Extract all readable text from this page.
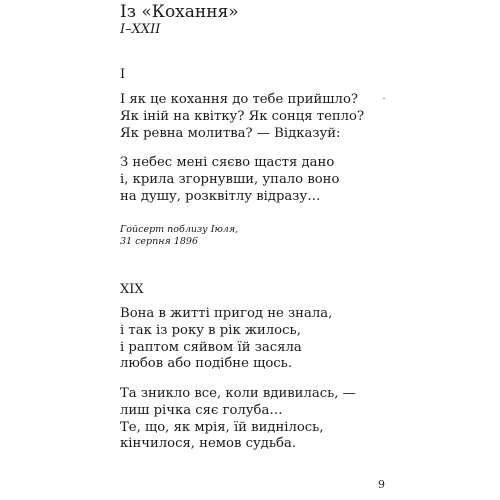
Із «Кохання»
I–XXII
I
І як це кохання до тебе прийшло?
Як іній на квітку? Як сонця тепло?
Як ревна молитва? — Відказуй:
З небес мені сяєво щастя дано
і, крила згорнувши, упало воно
на душу, розквітлу відразу…
Гойсерт поблизу Іюля,
31 серпня 1896
XIX
Вона в житті пригод не знала,
і так із року в рік жилось,
і раптом сяйвом їй засяла
любов або подібне щось.
Та зникло все, коли вдивилась, —
лиш річка сяє голуба…
Те, що, як мрія, їй виднілось,
кінчилося, немов судьба.
9
